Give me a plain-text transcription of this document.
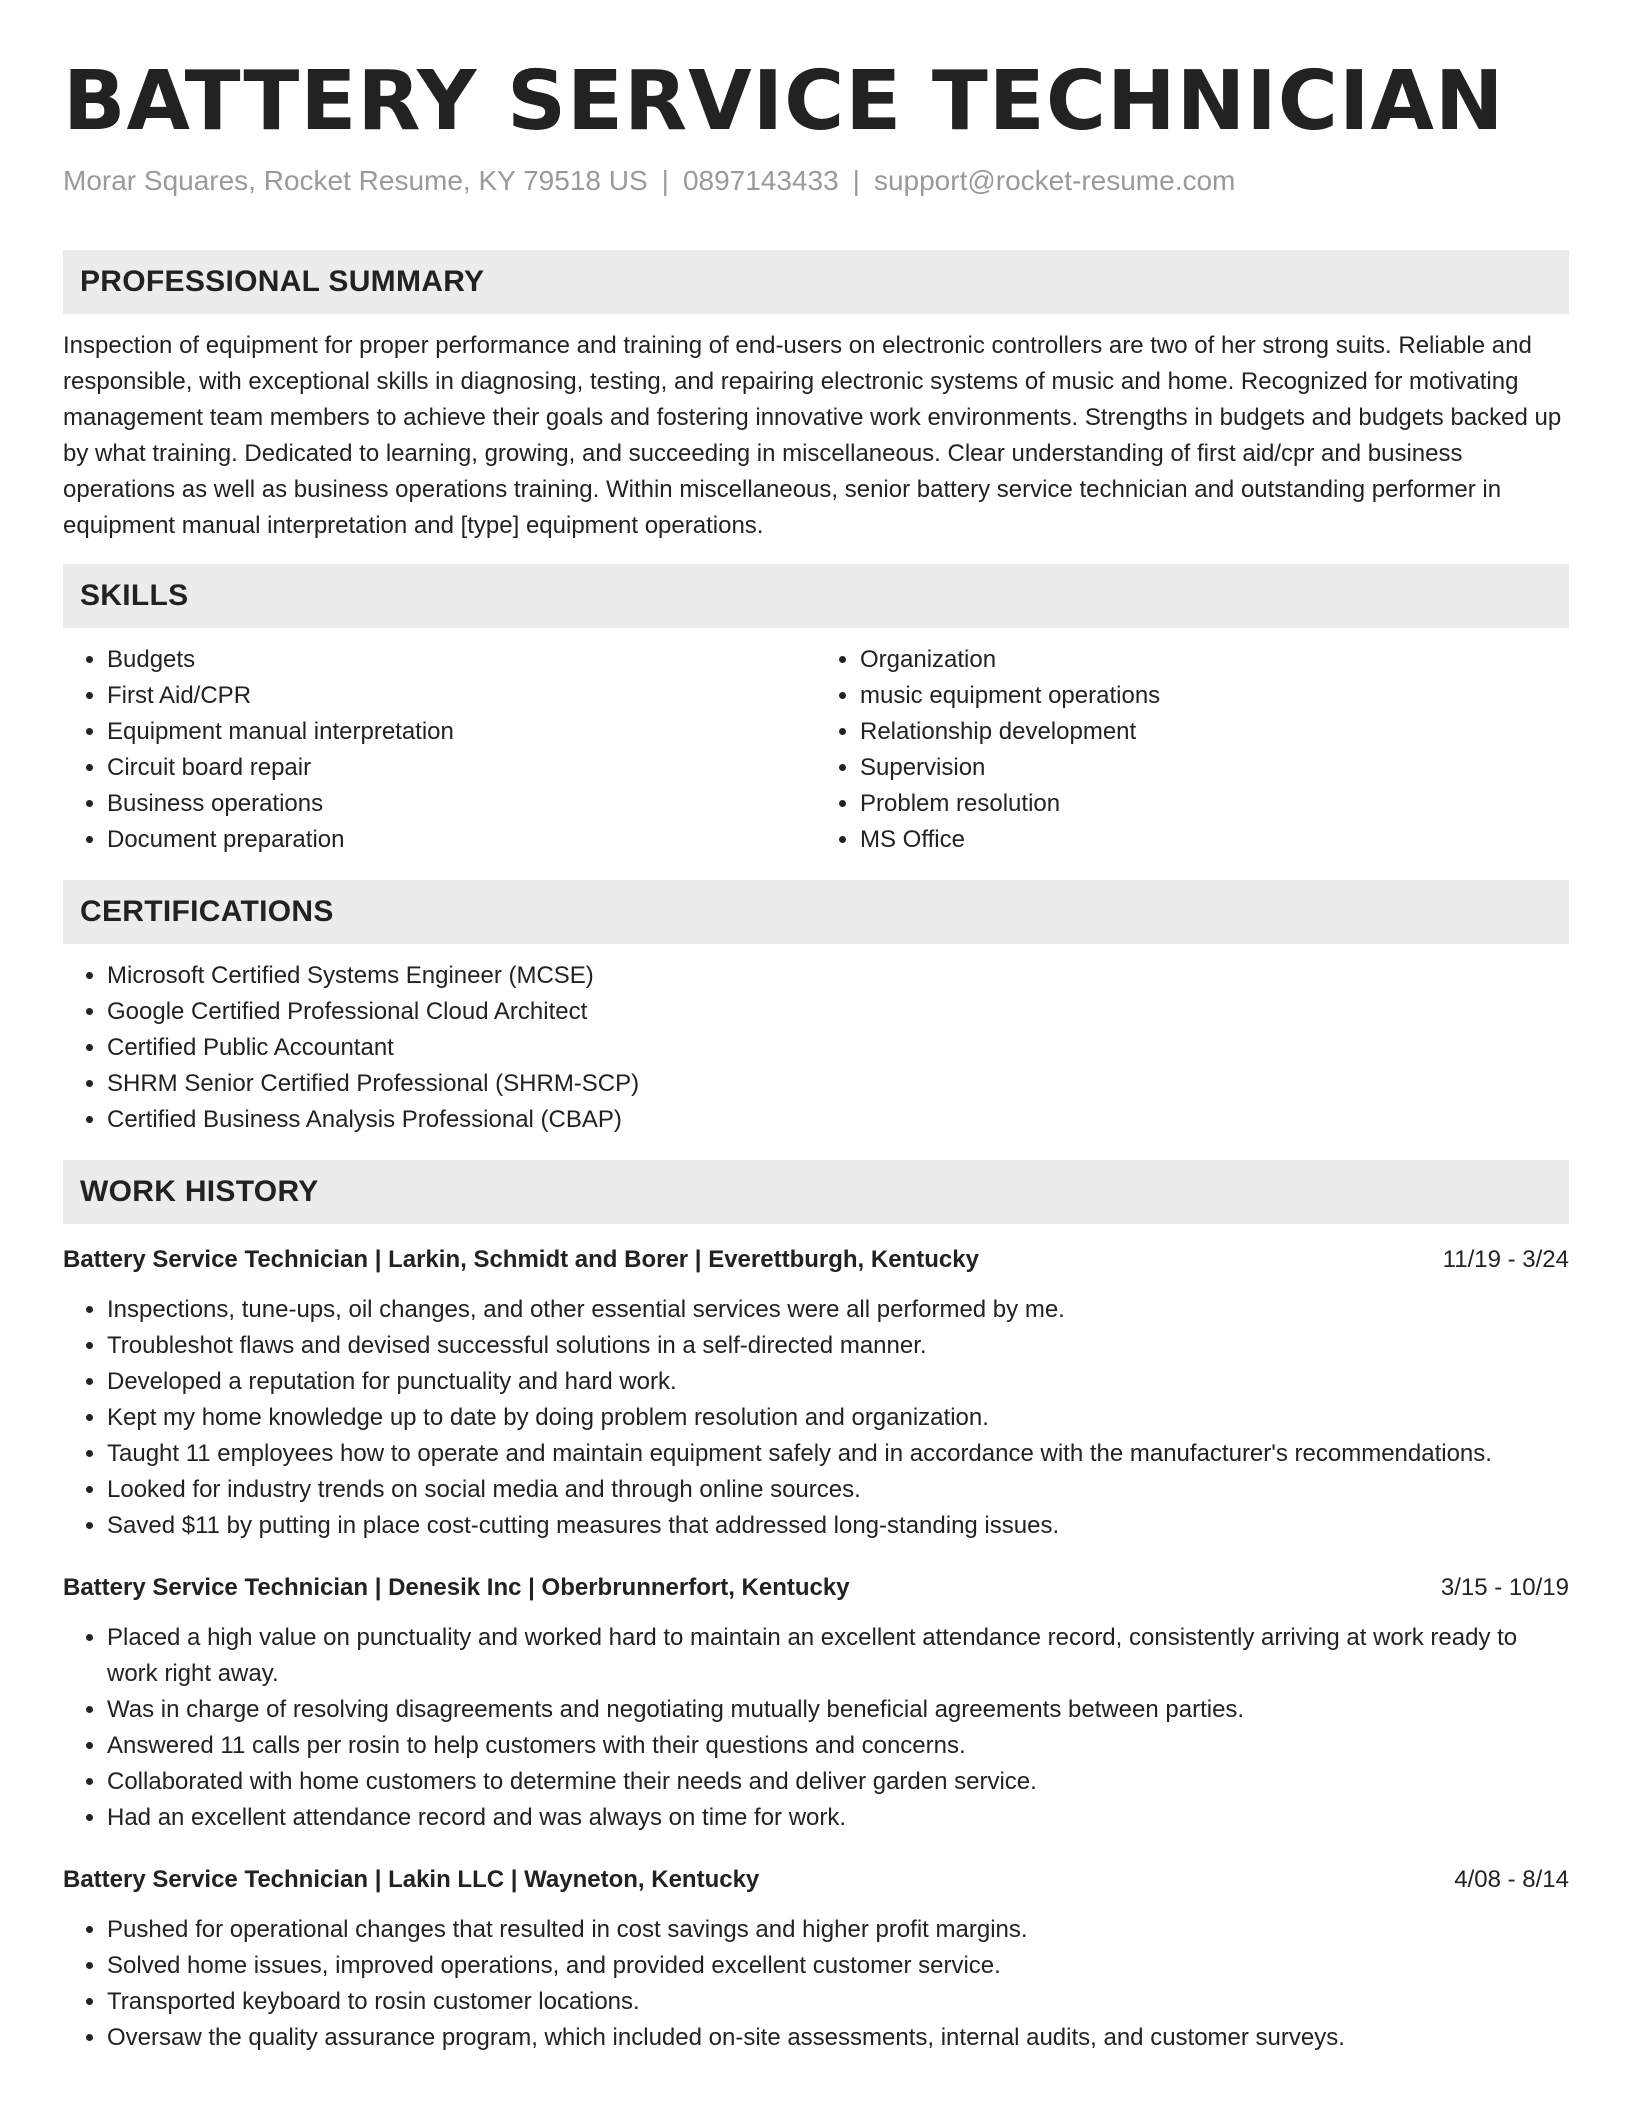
BATTERY SERVICE TECHNICIAN
Morar Squares, Rocket Resume, KY 79518 US | 0897143433 | support@rocket-resume.com
PROFESSIONAL SUMMARY

Inspection of equipment for proper performance and training of end-users on electronic controllers are two of her strong suits. Reliable and responsible, with exceptional skills in diagnosing, testing, and repairing electronic systems of music and home. Recognized for motivating management team members to achieve their goals and fostering innovative work environments. Strengths in budgets and budgets backed up by what training. Dedicated to learning, growing, and succeeding in miscellaneous. Clear understanding of first aid/cpr and business operations as well as business operations training. Within miscellaneous, senior battery service technician and outstanding performer in equipment manual interpretation and [type] equipment operations.

SKILLS
• Budgets
• First Aid/CPR
• Equipment manual interpretation
• Circuit board repair
• Business operations
• Document preparation
• Organization
• music equipment operations
• Relationship development
• Supervision
• Problem resolution
• MS Office
CERTIFICATIONS
• Microsoft Certified Systems Engineer (MCSE)
• Google Certified Professional Cloud Architect
• Certified Public Accountant
• SHRM Senior Certified Professional (SHRM-SCP)
• Certified Business Analysis Professional (CBAP)
WORK HISTORY
Battery Service Technician | Larkin, Schmidt and Borer | Everettburgh, Kentucky	11/19 - 3/24
• Inspections, tune-ups, oil changes, and other essential services were all performed by me.
• Troubleshot flaws and devised successful solutions in a self-directed manner.
• Developed a reputation for punctuality and hard work.
• Kept my home knowledge up to date by doing problem resolution and organization.
• Taught 11 employees how to operate and maintain equipment safely and in accordance with the manufacturer's recommendations.
• Looked for industry trends on social media and through online sources.
• Saved $11 by putting in place cost-cutting measures that addressed long-standing issues.
Battery Service Technician | Denesik Inc | Oberbrunnerfort, Kentucky	3/15 - 10/19
• Placed a high value on punctuality and worked hard to maintain an excellent attendance record, consistently arriving at work ready to work right away.
• Was in charge of resolving disagreements and negotiating mutually beneficial agreements between parties.
• Answered 11 calls per rosin to help customers with their questions and concerns.
• Collaborated with home customers to determine their needs and deliver garden service.
• Had an excellent attendance record and was always on time for work.
Battery Service Technician | Lakin LLC | Wayneton, Kentucky	4/08 - 8/14
• Pushed for operational changes that resulted in cost savings and higher profit margins.
• Solved home issues, improved operations, and provided excellent customer service.
• Transported keyboard to rosin customer locations.
• Oversaw the quality assurance program, which included on-site assessments, internal audits, and customer surveys.
